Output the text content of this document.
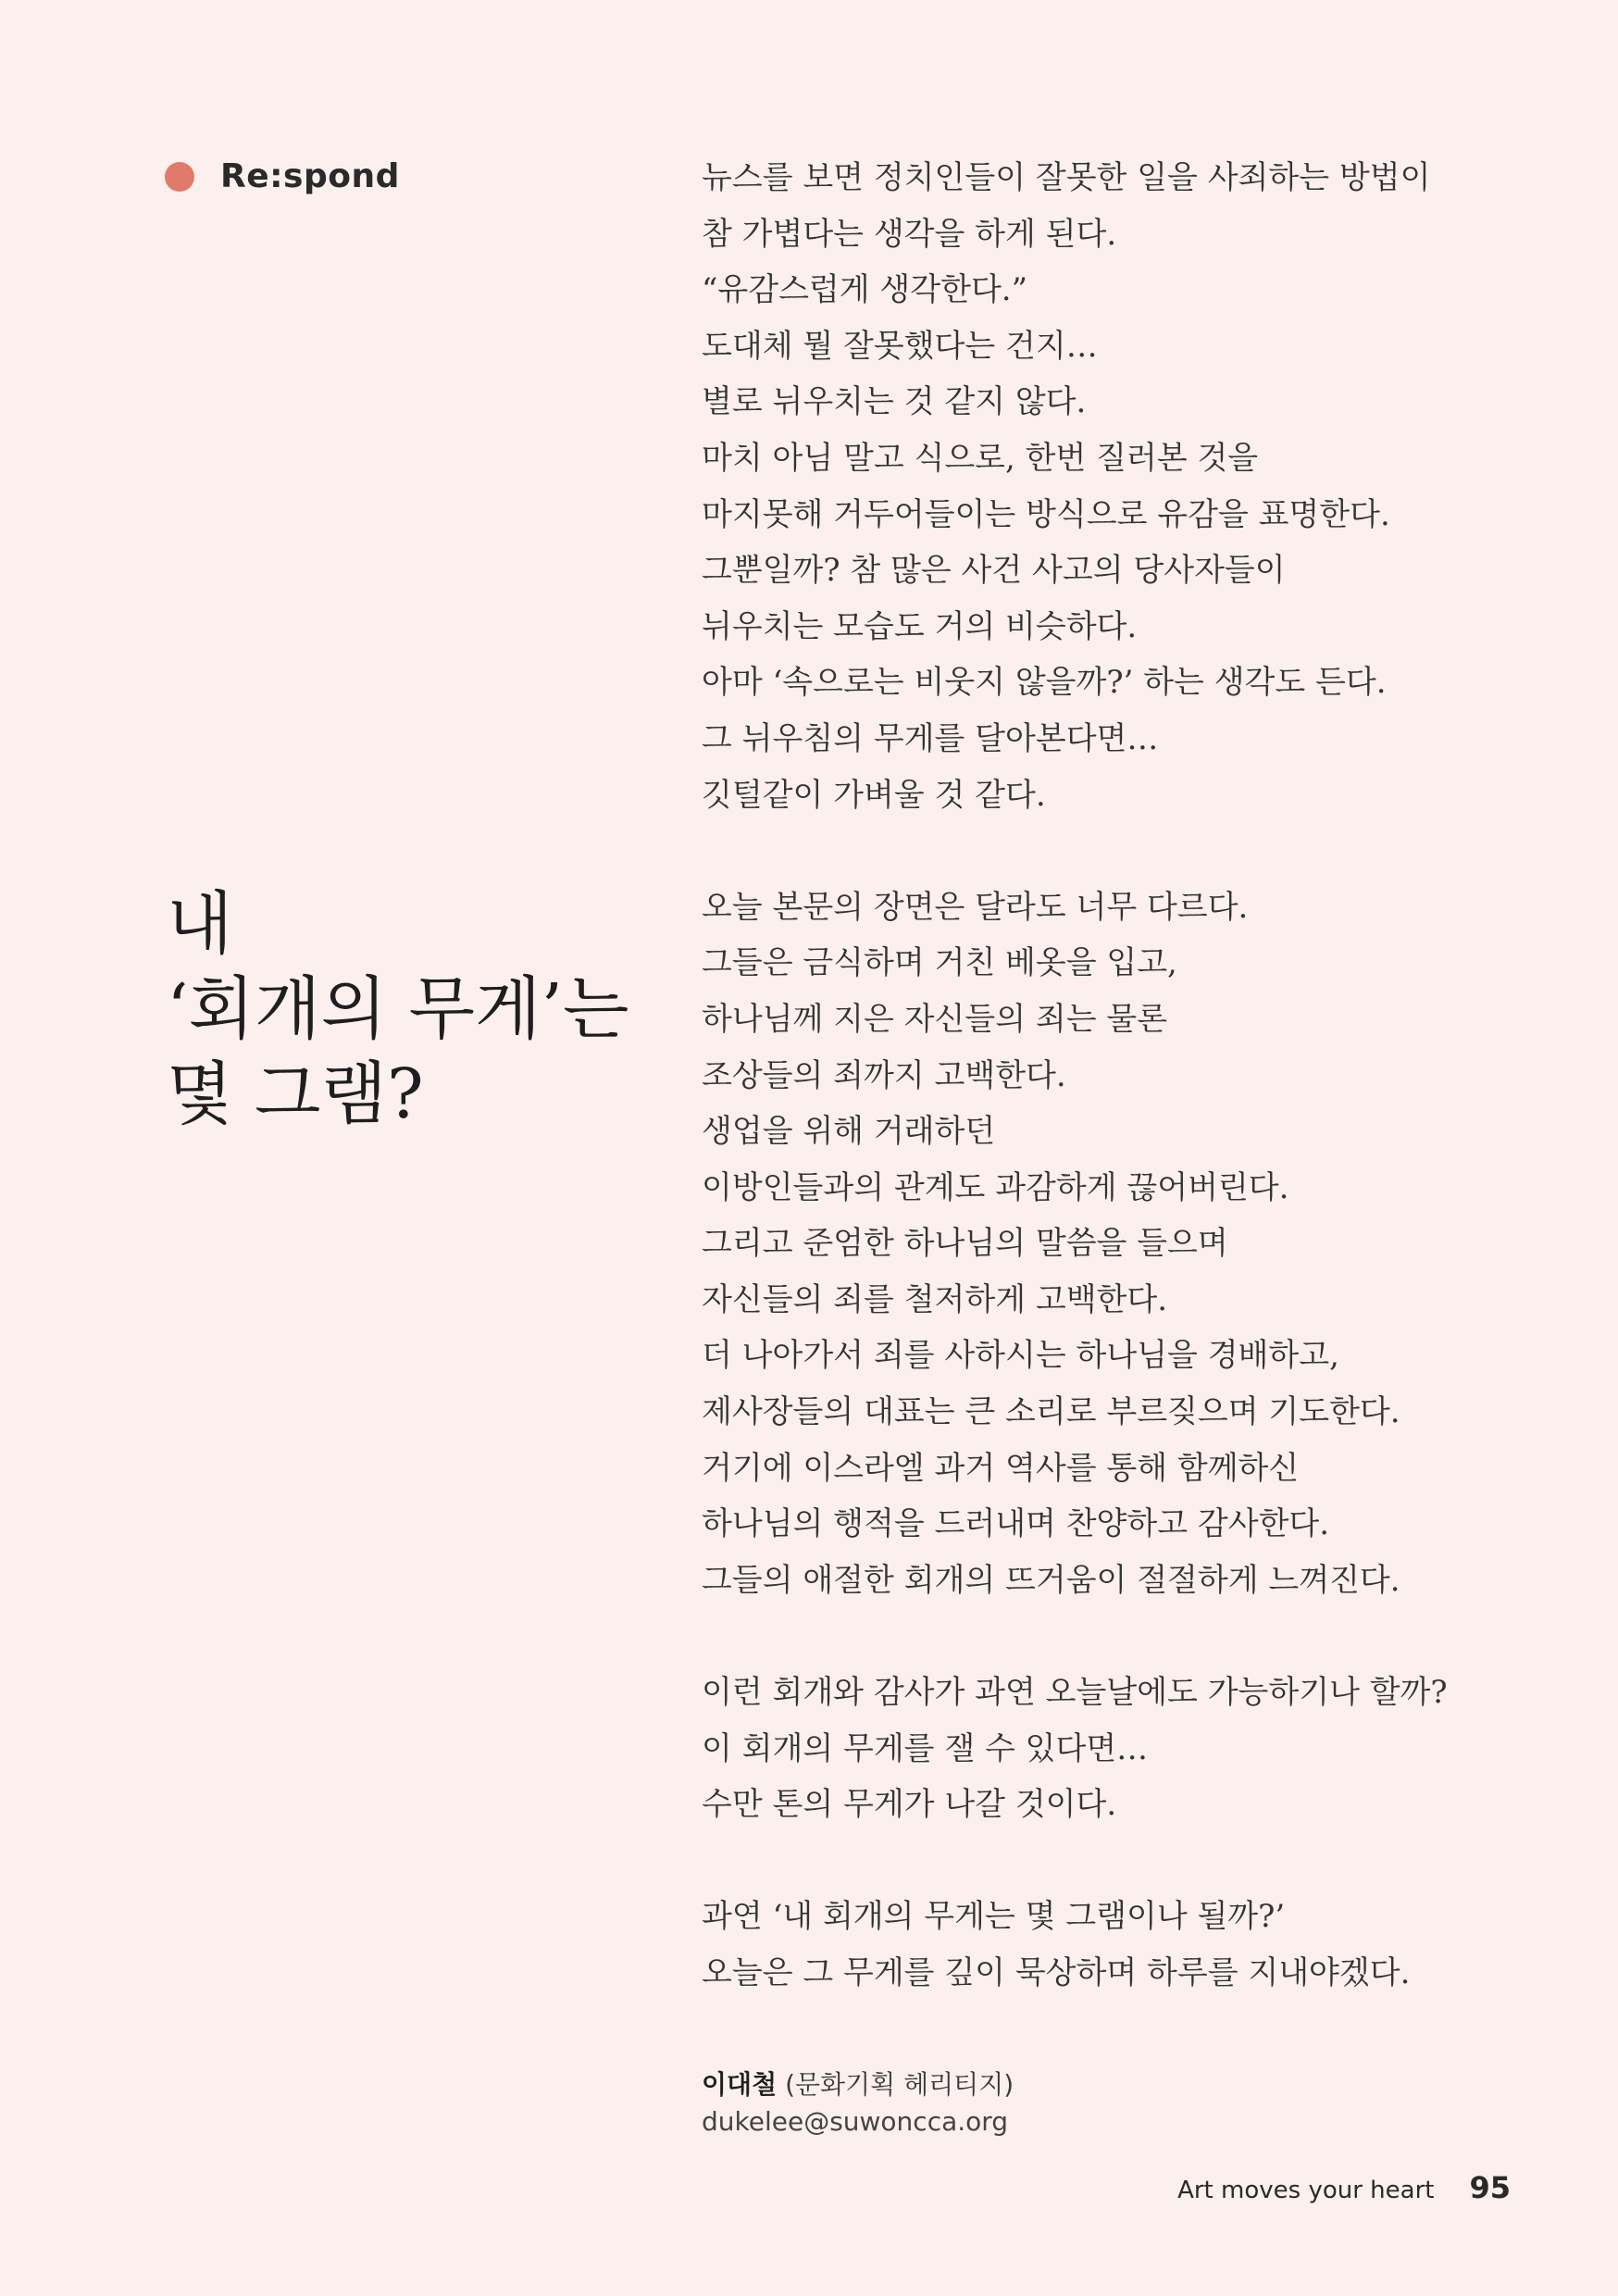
Re:spond
내
‘회개의 무게’는
몇 그램?
뉴스를 보면 정치인들이 잘못한 일을 사죄하는 방법이
참 가볍다는 생각을 하게 된다.
“유감스럽게 생각한다.”
도대체 뭘 잘못했다는 건지…
별로 뉘우치는 것 같지 않다.
마치 아님 말고 식으로, 한번 질러본 것을
마지못해 거두어들이는 방식으로 유감을 표명한다.
그뿐일까? 참 많은 사건 사고의 당사자들이
뉘우치는 모습도 거의 비슷하다.
아마 ‘속으로는 비웃지 않을까?’ 하는 생각도 든다.
그 뉘우침의 무게를 달아본다면…
깃털같이 가벼울 것 같다.
오늘 본문의 장면은 달라도 너무 다르다.
그들은 금식하며 거친 베옷을 입고,
하나님께 지은 자신들의 죄는 물론
조상들의 죄까지 고백한다.
생업을 위해 거래하던
이방인들과의 관계도 과감하게 끊어버린다.
그리고 준엄한 하나님의 말씀을 들으며
자신들의 죄를 철저하게 고백한다.
더 나아가서 죄를 사하시는 하나님을 경배하고,
제사장들의 대표는 큰 소리로 부르짖으며 기도한다.
거기에 이스라엘 과거 역사를 통해 함께하신
하나님의 행적을 드러내며 찬양하고 감사한다.
그들의 애절한 회개의 뜨거움이 절절하게 느껴진다.
이런 회개와 감사가 과연 오늘날에도 가능하기나 할까?
이 회개의 무게를 잴 수 있다면…
수만 톤의 무게가 나갈 것이다.
과연 ‘내 회개의 무게는 몇 그램이나 될까?’
오늘은 그 무게를 깊이 묵상하며 하루를 지내야겠다.
이대철 (문화기획 헤리티지)
dukelee@suwoncca.org
Art moves your heart 95
